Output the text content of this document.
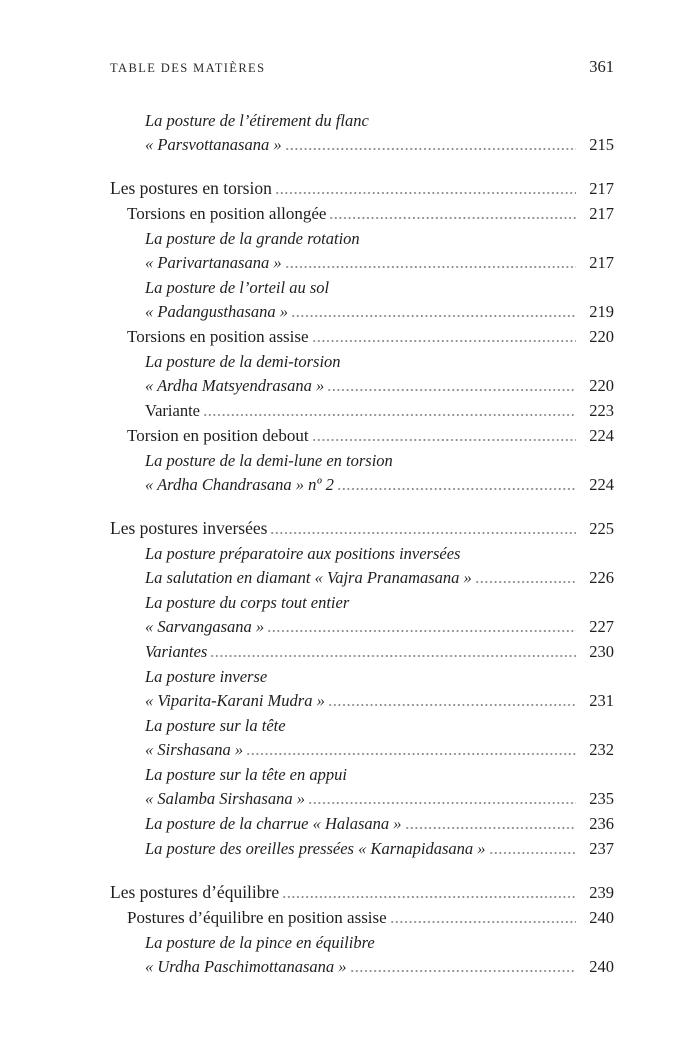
TABLE DES MATIÈRES	361
La posture de l’étirement du flanc
« Parsvottanasana »	215
Les postures en torsion	217
Torsions en position allongée	217
La posture de la grande rotation
« Parivartanasana »	217
La posture de l’orteil au sol
« Padangusthasana »	219
Torsions en position assise	220
La posture de la demi-torsion
« Ardha Matsyendrasana »	220
Variante	223
Torsion en position debout	224
La posture de la demi-lune en torsion
« Ardha Chandrasana » nº 2	224
Les postures inversées	225
La posture préparatoire aux positions inversées
La salutation en diamant « Vajra Pranamasana »	226
La posture du corps tout entier
« Sarvangasana »	227
Variantes	230
La posture inverse
« Viparita-Karani Mudra »	231
La posture sur la tête
« Sirshasana »	232
La posture sur la tête en appui
« Salamba Sirshasana »	235
La posture de la charrue « Halasana »	236
La posture des oreilles pressées « Karnapidasana »	237
Les postures d’équilibre	239
Postures d’équilibre en position assise	240
La posture de la pince en équilibre
« Urdha Paschimottanasana »	240
